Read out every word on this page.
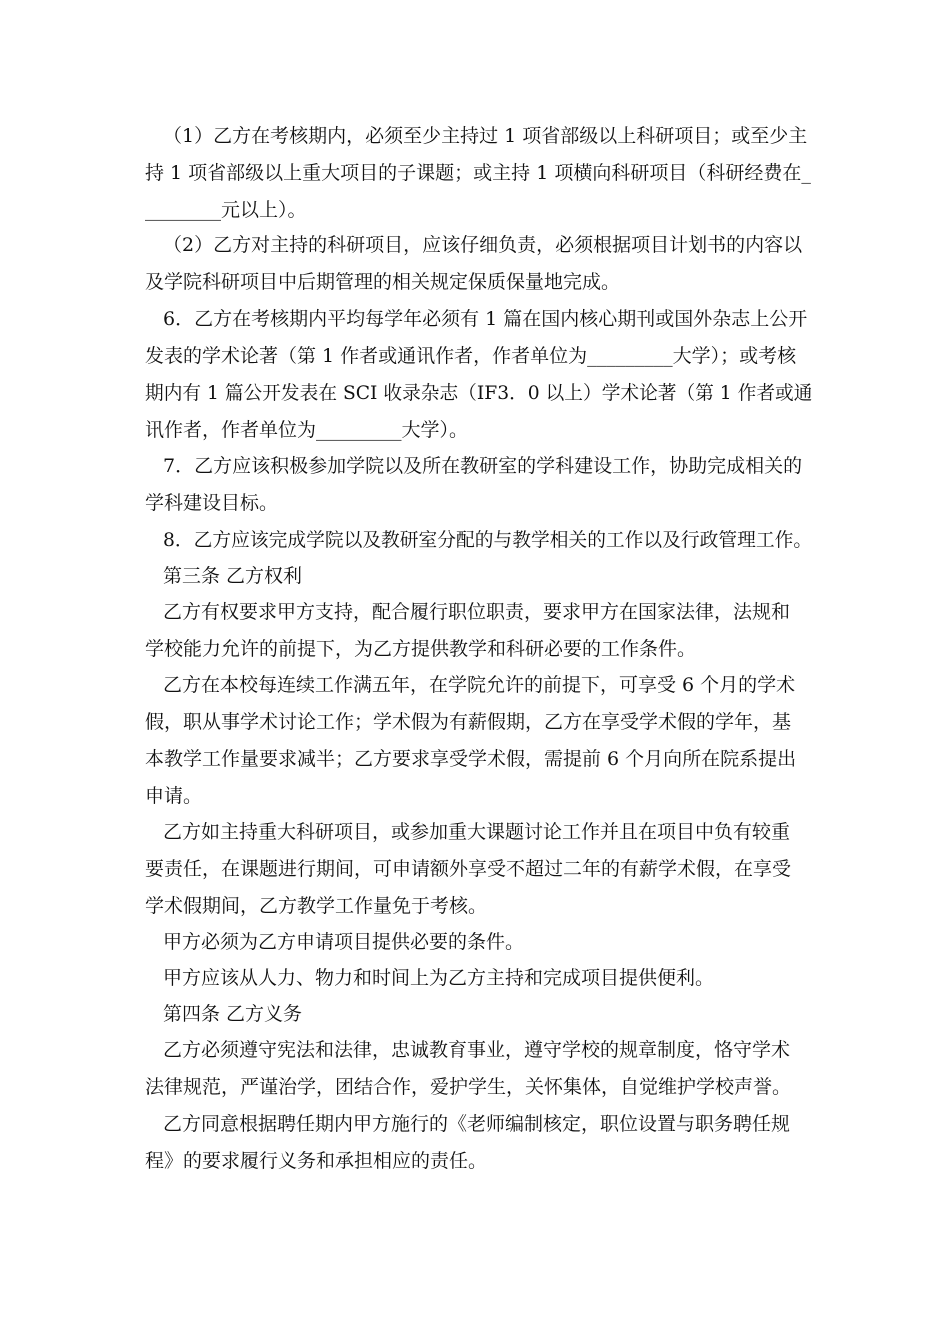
（1）乙方在考核期内，必须至少主持过 1 项省部级以上科研项目；或至少主
持 1 项省部级以上重大项目的子课题；或主持 1 项横向科研项目（科研经费在_
________元以上）。
（2）乙方对主持的科研项目，应该仔细负责，必须根据项目计划书的内容以
及学院科研项目中后期管理的相关规定保质保量地完成。
6．乙方在考核期内平均每学年必须有 1 篇在国内核心期刊或国外杂志上公开
发表的学术论著（第 1 作者或通讯作者，作者单位为_________大学）；或考核
期内有 1 篇公开发表在 SCI 收录杂志（IF3．0 以上）学术论著（第 1 作者或通
讯作者，作者单位为_________大学）。
7．乙方应该积极参加学院以及所在教研室的学科建设工作，协助完成相关的
学科建设目标。
8．乙方应该完成学院以及教研室分配的与教学相关的工作以及行政管理工作。
第三条 乙方权利
乙方有权要求甲方支持，配合履行职位职责，要求甲方在国家法律，法规和
学校能力允许的前提下，为乙方提供教学和科研必要的工作条件。
乙方在本校每连续工作满五年，在学院允许的前提下，可享受 6 个月的学术
假，职从事学术讨论工作；学术假为有薪假期，乙方在享受学术假的学年，基
本教学工作量要求减半；乙方要求享受学术假，需提前 6 个月向所在院系提出
申请。
乙方如主持重大科研项目，或参加重大课题讨论工作并且在项目中负有较重
要责任，在课题进行期间，可申请额外享受不超过二年的有薪学术假，在享受
学术假期间，乙方教学工作量免于考核。
甲方必须为乙方申请项目提供必要的条件。
甲方应该从人力、物力和时间上为乙方主持和完成项目提供便利。
第四条 乙方义务
乙方必须遵守宪法和法律，忠诚教育事业，遵守学校的规章制度，恪守学术
法律规范，严谨治学，团结合作，爱护学生，关怀集体，自觉维护学校声誉。
乙方同意根据聘任期内甲方施行的《老师编制核定，职位设置与职务聘任规
程》的要求履行义务和承担相应的责任。
